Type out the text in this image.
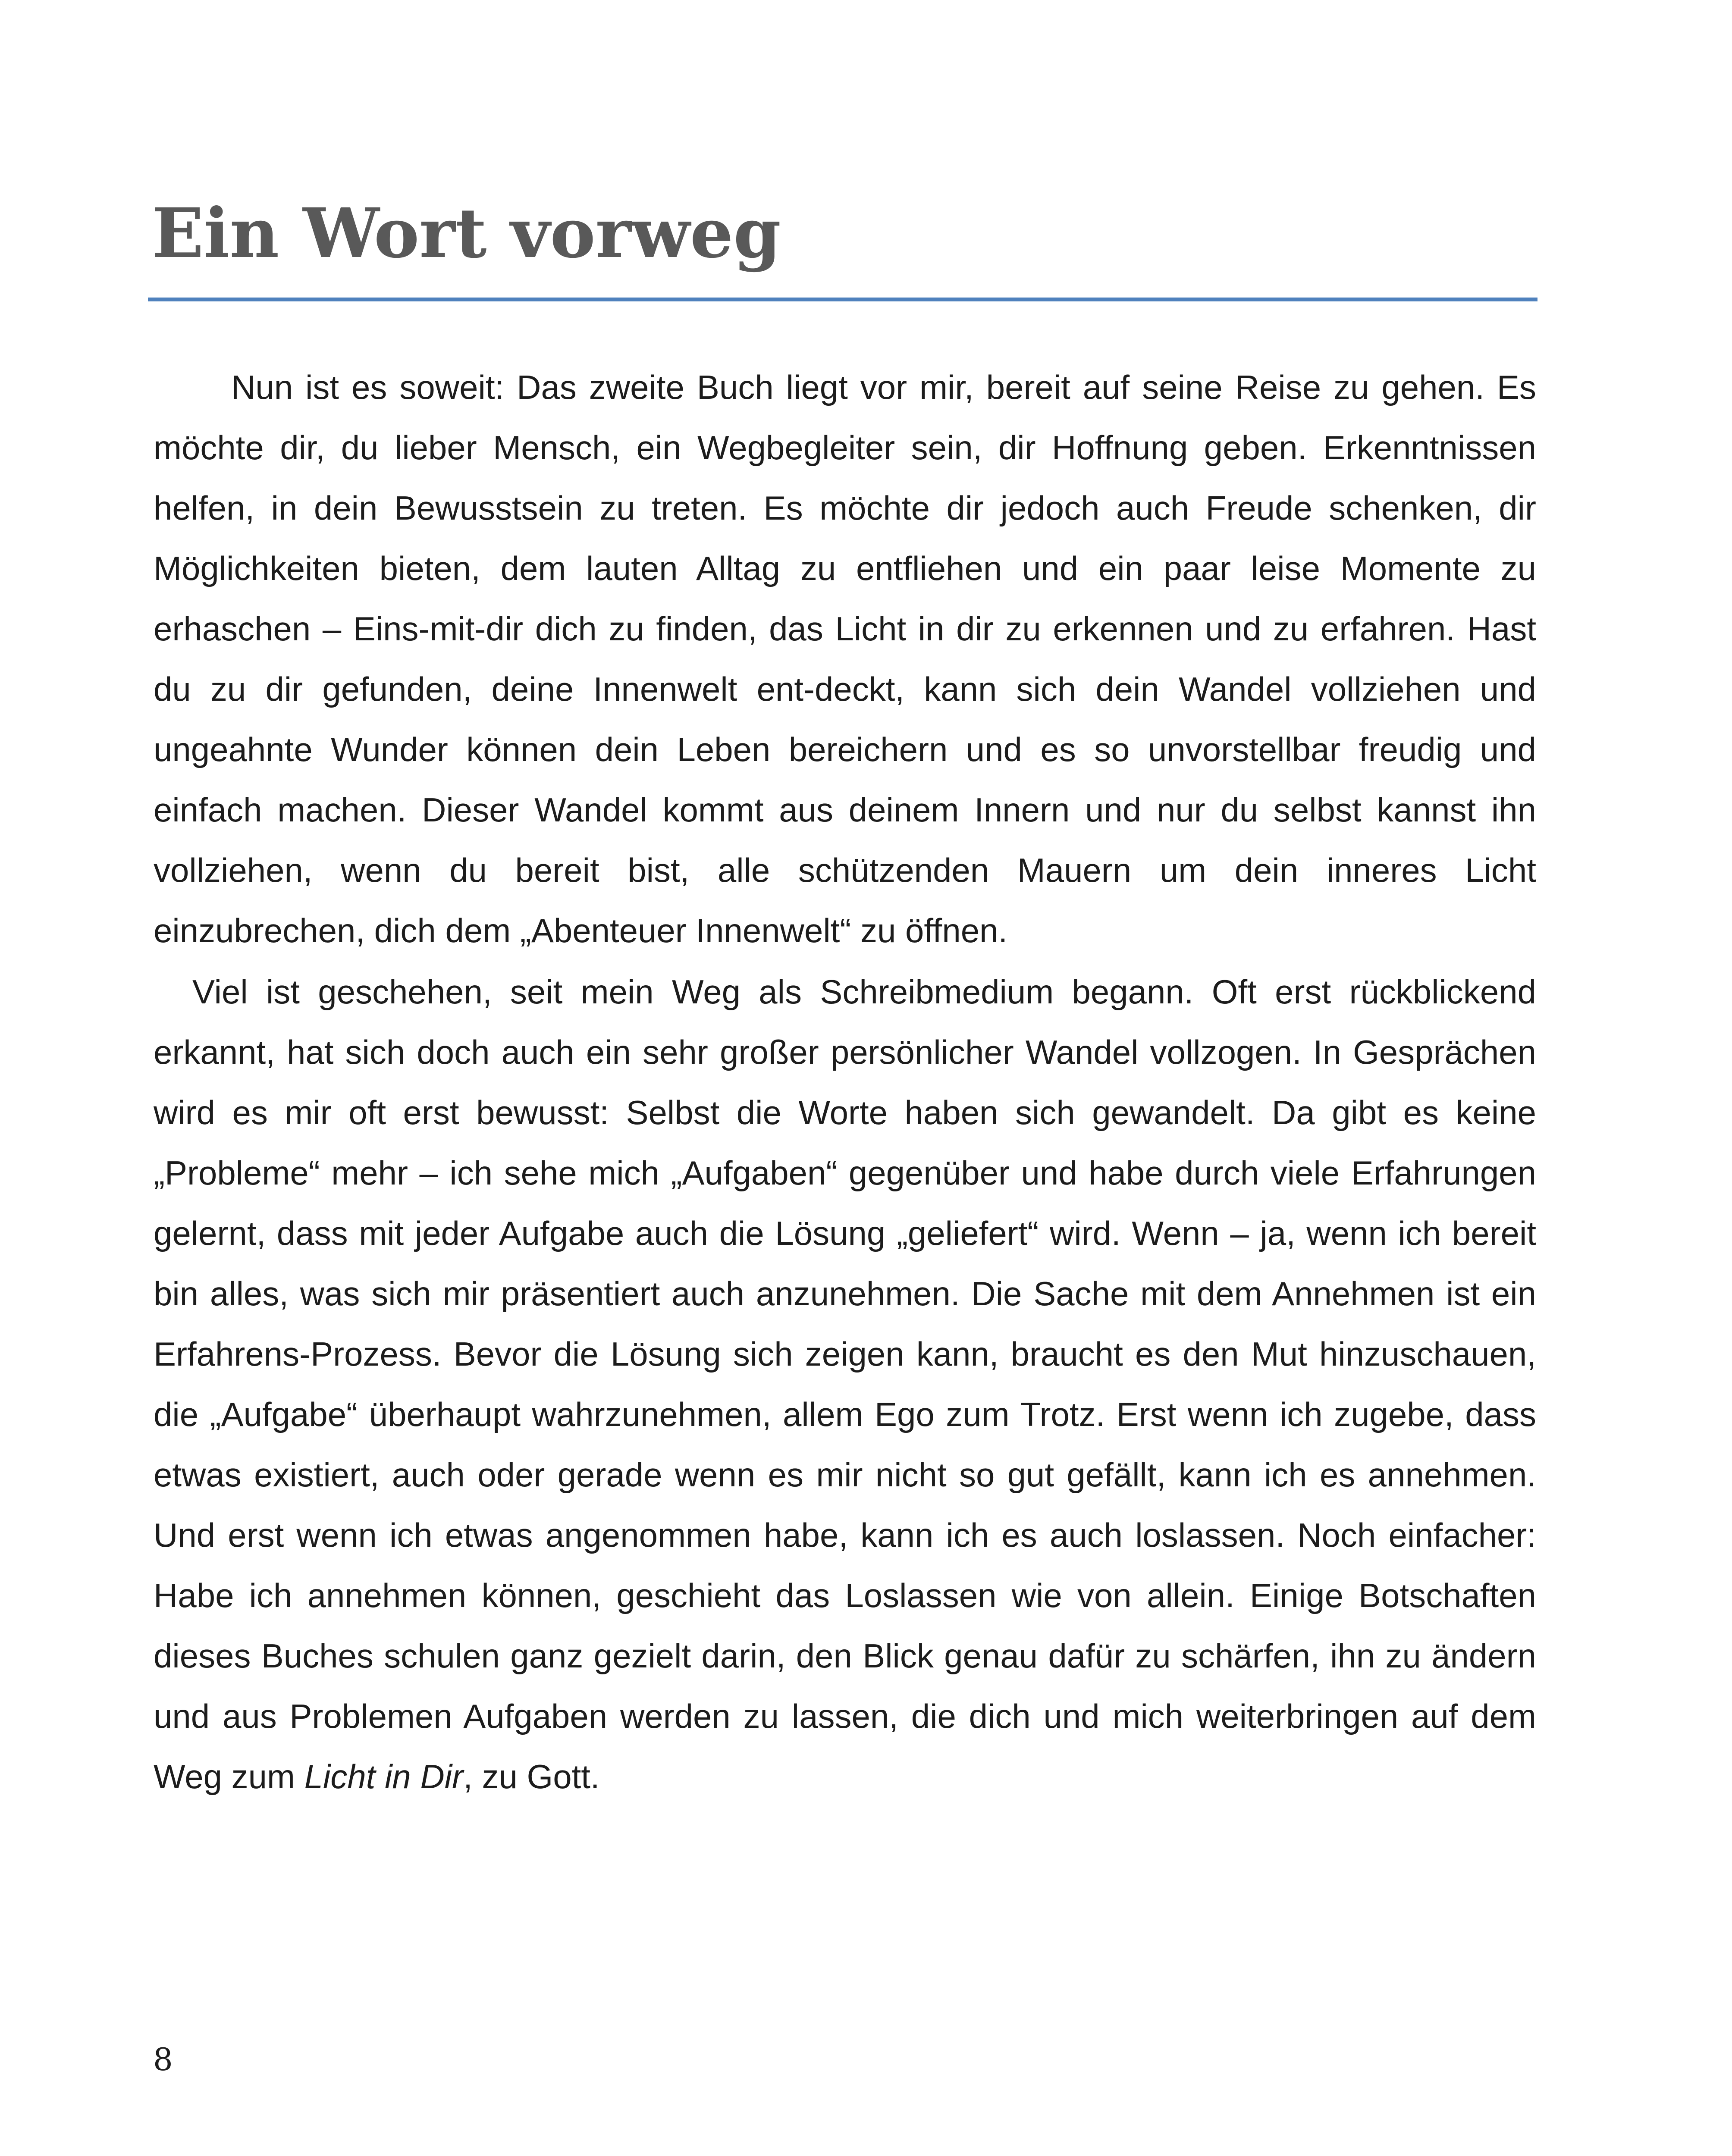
Ein Wort vorweg

Nun ist es soweit: Das zweite Buch liegt vor mir, bereit auf seine Reise zu gehen. Es möchte dir, du lieber Mensch, ein Wegbegleiter sein, dir Hoffnung geben. Erkenntnissen helfen, in dein Bewusstsein zu treten. Es möchte dir jedoch auch Freude schenken, dir Möglichkeiten bieten, dem lauten Alltag zu entfliehen und ein paar leise Momente zu erhaschen – Eins-mit-dir dich zu finden, das Licht in dir zu erkennen und zu erfahren. Hast du zu dir gefunden, deine Innenwelt ent-deckt, kann sich dein Wandel vollziehen und ungeahnte Wunder können dein Leben bereichern und es so unvorstellbar freudig und einfach machen. Dieser Wandel kommt aus deinem Innern und nur du selbst kannst ihn vollziehen, wenn du bereit bist, alle schützenden Mauern um dein inneres Licht einzubrechen, dich dem „Abenteuer Innenwelt“ zu öffnen.

Viel ist geschehen, seit mein Weg als Schreibmedium begann. Oft erst rückblickend erkannt, hat sich doch auch ein sehr großer persönlicher Wandel vollzogen. In Gesprächen wird es mir oft erst bewusst: Selbst die Worte haben sich gewandelt. Da gibt es keine „Probleme“ mehr – ich sehe mich „Aufgaben“ gegenüber und habe durch viele Erfahrungen gelernt, dass mit jeder Aufgabe auch die Lösung „geliefert“ wird. Wenn – ja, wenn ich bereit bin alles, was sich mir präsentiert auch anzunehmen. Die Sache mit dem Annehmen ist ein Erfahrens-Prozess. Bevor die Lösung sich zeigen kann, braucht es den Mut hinzuschauen, die „Aufgabe“ überhaupt wahrzunehmen, allem Ego zum Trotz. Erst wenn ich zugebe, dass etwas existiert, auch oder gerade wenn es mir nicht so gut gefällt, kann ich es annehmen. Und erst wenn ich etwas angenommen habe, kann ich es auch loslassen. Noch einfacher: Habe ich annehmen können, geschieht das Loslassen wie von allein. Einige Botschaften dieses Buches schulen ganz gezielt darin, den Blick genau dafür zu schärfen, ihn zu ändern und aus Problemen Aufgaben werden zu lassen, die dich und mich weiterbringen auf dem Weg zum Licht in Dir, zu Gott.

8
